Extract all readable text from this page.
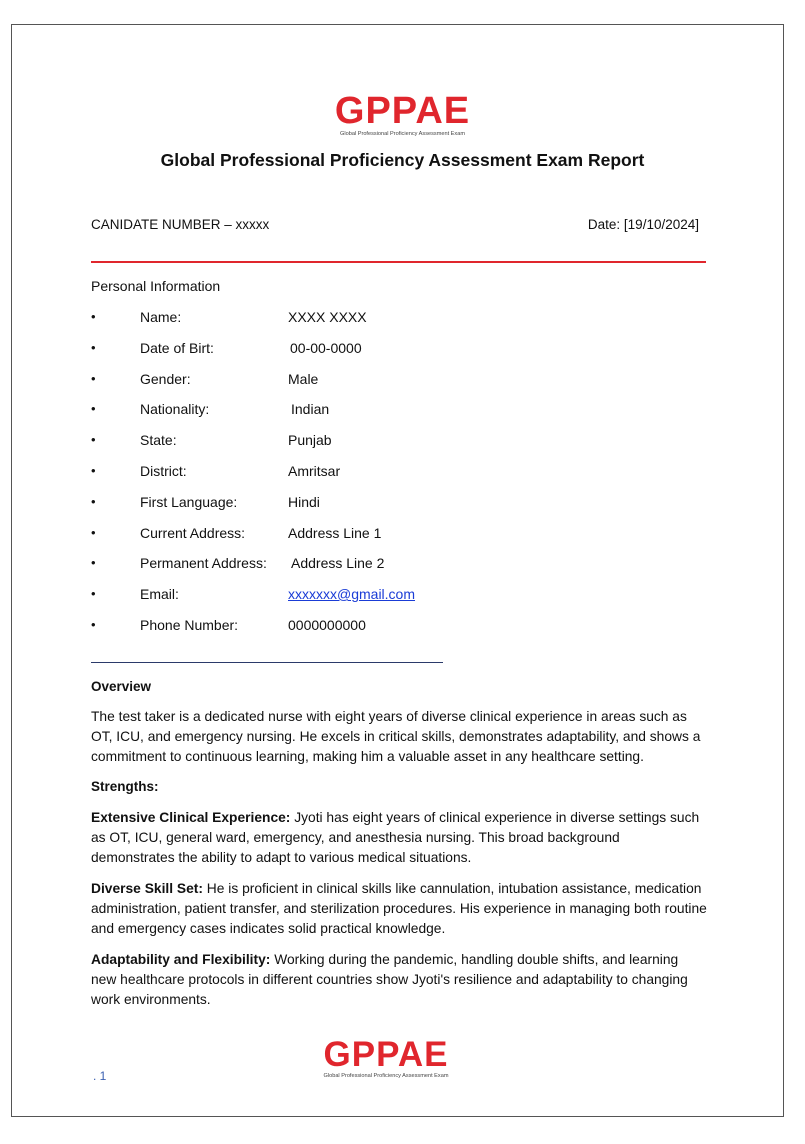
GPPAE
Global Professional Proficiency Assessment Exam
Global Professional Proficiency Assessment Exam Report
CANIDATE NUMBER – xxxxx	Date: [19/10/2024]
Personal Information
•	Name:	XXXX XXXX
•	Date of Birt:	00-00-0000
•	Gender:	Male
•	Nationality:	Indian
•	State:	Punjab
•	District:	Amritsar
•	First Language:	Hindi
•	Current Address:	Address Line 1
•	Permanent Address: Address Line 2
•	Email:	xxxxxxx@gmail.com
•	Phone Number:	0000000000
Overview
The test taker is a dedicated nurse with eight years of diverse clinical experience in areas such as OT, ICU, and emergency nursing. He excels in critical skills, demonstrates adaptability, and shows a commitment to continuous learning, making him a valuable asset in any healthcare setting.
Strengths:
Extensive Clinical Experience: Jyoti has eight years of clinical experience in diverse settings such as OT, ICU, general ward, emergency, and anesthesia nursing. This broad background demonstrates the ability to adapt to various medical situations.
Diverse Skill Set: He is proficient in clinical skills like cannulation, intubation assistance, medication administration, patient transfer, and sterilization procedures. His experience in managing both routine and emergency cases indicates solid practical knowledge.
Adaptability and Flexibility: Working during the pandemic, handling double shifts, and learning new healthcare protocols in different countries show Jyoti's resilience and adaptability to changing work environments.
. 1
GPPAE
Global Professional Proficiency Assessment Exam
